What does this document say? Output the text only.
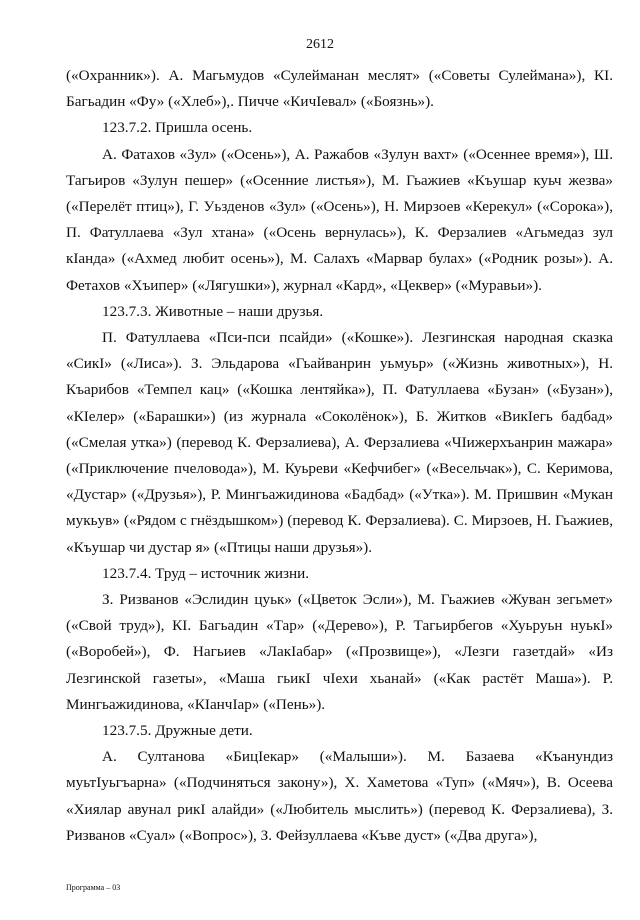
2612

(«Охранник»). А. Магьмудов «Сулейманан меслят» («Советы Сулеймана»), КI. Багьадин «Фу» («Хлеб»),. Пичче «КичIевал» («Боязнь»).

123.7.2. Пришла осень.

А. Фатахов «Зул» («Осень»), А. Ражабов «Зулун вахт» («Осеннее время»), Ш. Тагьиров «Зулун пешер» («Осенние листья»), М. Гьажиев «Къушар куьч жезва» («Перелёт птиц»), Г. Уьзденов «Зул» («Осень»), Н. Мирзоев «Керекул» («Сорока»), П. Фатуллаева «Зул хтана» («Осень вернулась»), К. Ферзалиев «Агьмедаз зул кIанда» («Ахмед любит осень»), М. Салахъ «Марвар булах» («Родник розы»). А. Фетахов «Хъипер» («Лягушки»), журнал «Кард», «Цеквер» («Муравьи»).

123.7.3. Животные – наши друзья.

П. Фатуллаева «Пси-пси псайди» («Кошке»). Лезгинская народная сказка «СикI» («Лиса»). З. Эльдарова «Гьайванрин уьмуьр» («Жизнь животных»), Н. Къарибов «Темпел кац» («Кошка лентяйка»), П. Фатуллаева «Бузан» («Бузан»), «КIелер» («Барашки») (из журнала «Соколёнок»), Б. Житков «ВикIегь бадбад» («Смелая утка») (перевод К. Ферзалиева), А. Ферзалиева «ЧIижерхъанрин мажара» («Приключение пчеловода»), М. Куьреви «Кефчибег» («Весельчак»), С. Керимова, «Дустар» («Друзья»), Р. Мингьажидинова «Бадбад» («Утка»). М. Пришвин «Мукан мукьув» («Рядом с гнёздышком») (перевод К. Ферзалиева). С. Мирзоев, Н. Гьажиев, «Къушар чи дустар я» («Птицы наши друзья»).

123.7.4. Труд – источник жизни.

З. Ризванов «Эслидин цуьк» («Цветок Эсли»), М. Гьажиев «Жуван зегьмет» («Свой труд»), КI. Багьадин «Тар» («Дерево»), Р. Тагьирбегов «Хуьруьн нуькI» («Воробей»), Ф. Нагьиев «ЛакIабар» («Прозвище»), «Лезги газетдай» «Из Лезгинской газеты», «Маша гьикI чIехи хьанай» («Как растёт Маша»). Р. Мингьажидинова, «КIанчIар» («Пень»).

123.7.5. Дружные дети.

А. Султанова «БицIекар» («Малыши»). М. Базаева «Къанундиз муьтIуьгъарна» («Подчиняться закону»), Х. Хаметова «Туп» («Мяч»), В. Осеева «Хиялар авунал рикI алайди» («Любитель мыслить») (перевод К. Ферзалиева), З. Ризванов «Суал» («Вопрос»), З. Фейзуллаева «Къве дуст» («Два друга»),

Программа – 03
